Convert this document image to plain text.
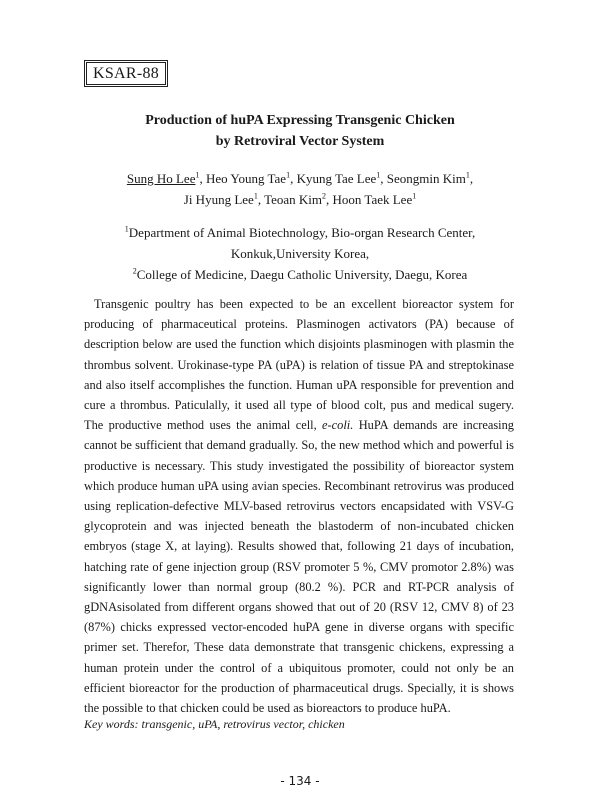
KSAR-88
Production of huPA Expressing Transgenic Chicken
by Retroviral Vector System
Sung Ho Lee$^1$, Heo Young Tae$^1$, Kyung Tae Lee$^1$, Seongmin Kim$^1$,
Ji Hyung Lee$^1$, Teoan Kim$^2$, Hoon Taek Lee$^1$
$^1$Department of Animal Biotechnology, Bio-organ Research Center,
Konkuk,University Korea,
$^2$College of Medicine, Daegu Catholic University, Daegu, Korea

Transgenic poultry has been expected to be an excellent bioreactor system for producing of pharmaceutical proteins. Plasminogen activators (PA) because of description below are used the function which disjoints plasminogen with plasmin the thrombus solvent. Urokinase-type PA (uPA) is relation of tissue PA and streptokinase and also itself accomplishes the function. Human uPA responsible for prevention and cure a thrombus. Paticulally, it used all type of blood colt, pus and medical sugery. The productive method uses the animal cell, e-coli. HuPA demands are increasing cannot be sufficient that demand gradually. So, the new method which and powerful is productive is necessary. This study investigated the possibility of bioreactor system which produce human uPA using avian species. Recombinant retrovirus was produced using replication-defective MLV-based retrovirus vectors encapsidated with VSV-G glycoprotein and was injected beneath the blastoderm of non-incubated chicken embryos (stage X, at laying). Results showed that, following 21 days of incubation, hatching rate of gene injection group (RSV promoter 5 %, CMV promotor 2.8%) was significantly lower than normal group (80.2 %). PCR and RT-PCR analysis of gDNAsisolated from different organs showed that out of 20 (RSV 12, CMV 8) of 23 (87%) chicks expressed vector-encoded huPA gene in diverse organs with specific primer set. Therefor, These data demonstrate that transgenic chickens, expressing a human protein under the control of a ubiquitous promoter, could not only be an efficient bioreactor for the production of pharmaceutical drugs. Specially, it is shows the possible to that chicken could be used as bioreactors to produce huPA.

Key words: transgenic, uPA, retrovirus vector, chicken
- 134 -
